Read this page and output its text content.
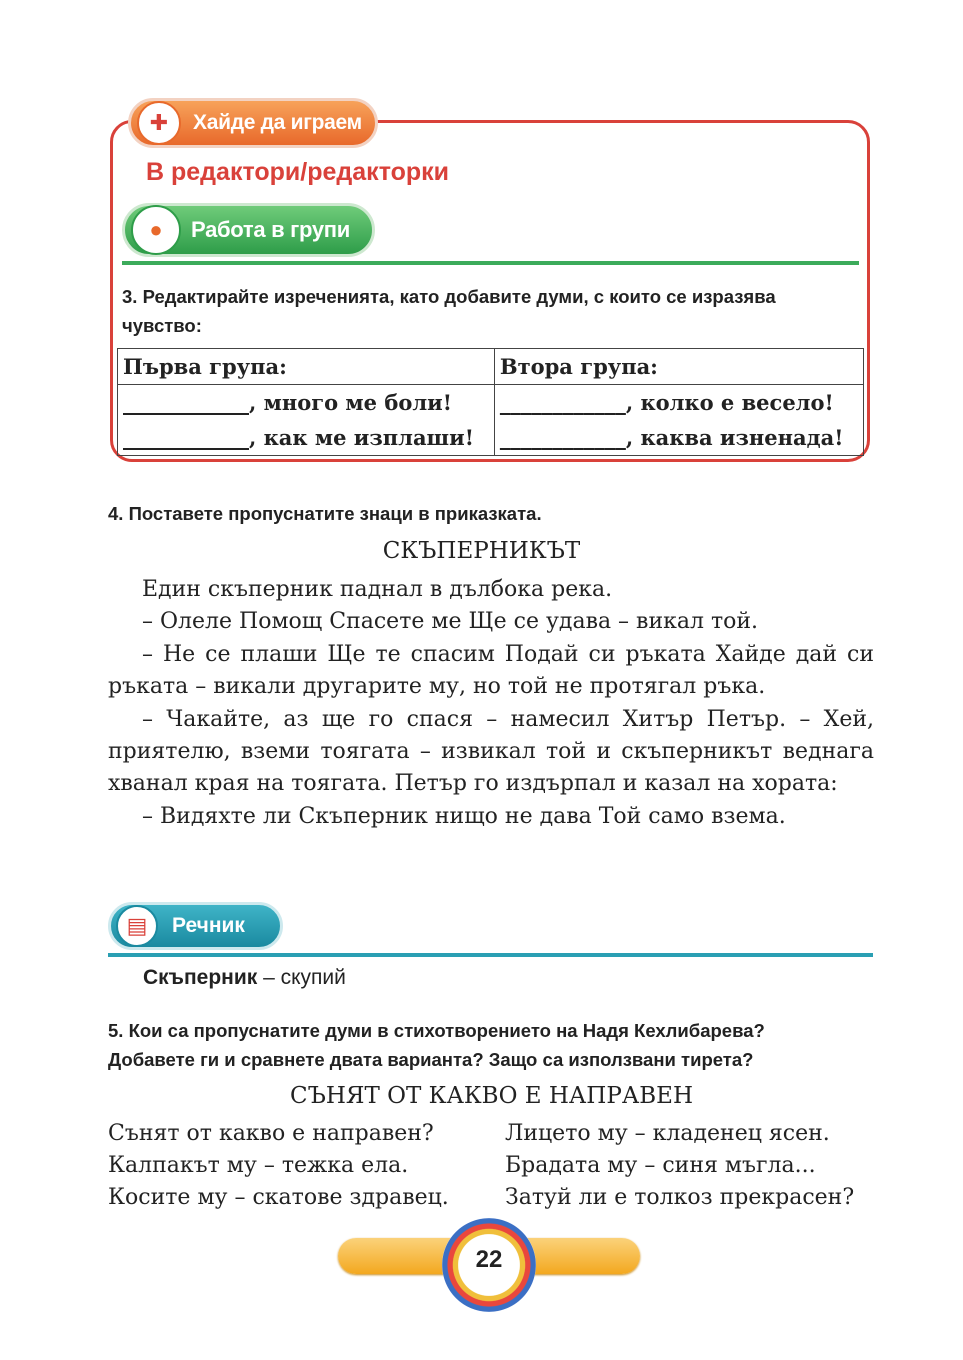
✚	Хайде да играем
В редактори/редакторки
●	Работа в групи
3. Редактирайте изреченията, като добавите думи, с които се изразява
чувство:
Първа група:	Втора група:
____________, много ме боли!	____________, колко е весело!
____________, как ме изплаши!	____________, каква изненада!
4. Поставете пропуснатите знаци в приказката.
СКЪПЕРНИКЪТ
Един скъперник паднал в дълбока река.
– Олеле Помощ Спасете ме Ще се удава – викал той.
– Не се плаши Ще те спасим Подай си ръката Хайде дай си ръката – викали другарите му, но той не протягал ръка.
– Чакайте, аз ще го спася – намесил Хитър Петър. – Хей, приятелю, вземи тоягата – извикал той и скъперникът веднага хванал края на тоягата. Петър го издърпал и казал на хората:
– Видяхте ли Скъперник нищо не дава Той само взема.
▤	Речник
Скъперник – скупий
5. Кои са пропуснатите думи в стихотворението на Надя Кехлибарева?
Добавете ги и сравнете двата варианта? Защо са използвани тирета?
СЪНЯТ ОТ КАКВО Е НАПРАВЕН
Сънят от какво е направен?
Калпакът му – тежка ела.
Косите му – скатове здравец.
Лицето му – кладенец ясен.
Брадата му – синя мъгла...
Затуй ли е толкоз прекрасен?
22
